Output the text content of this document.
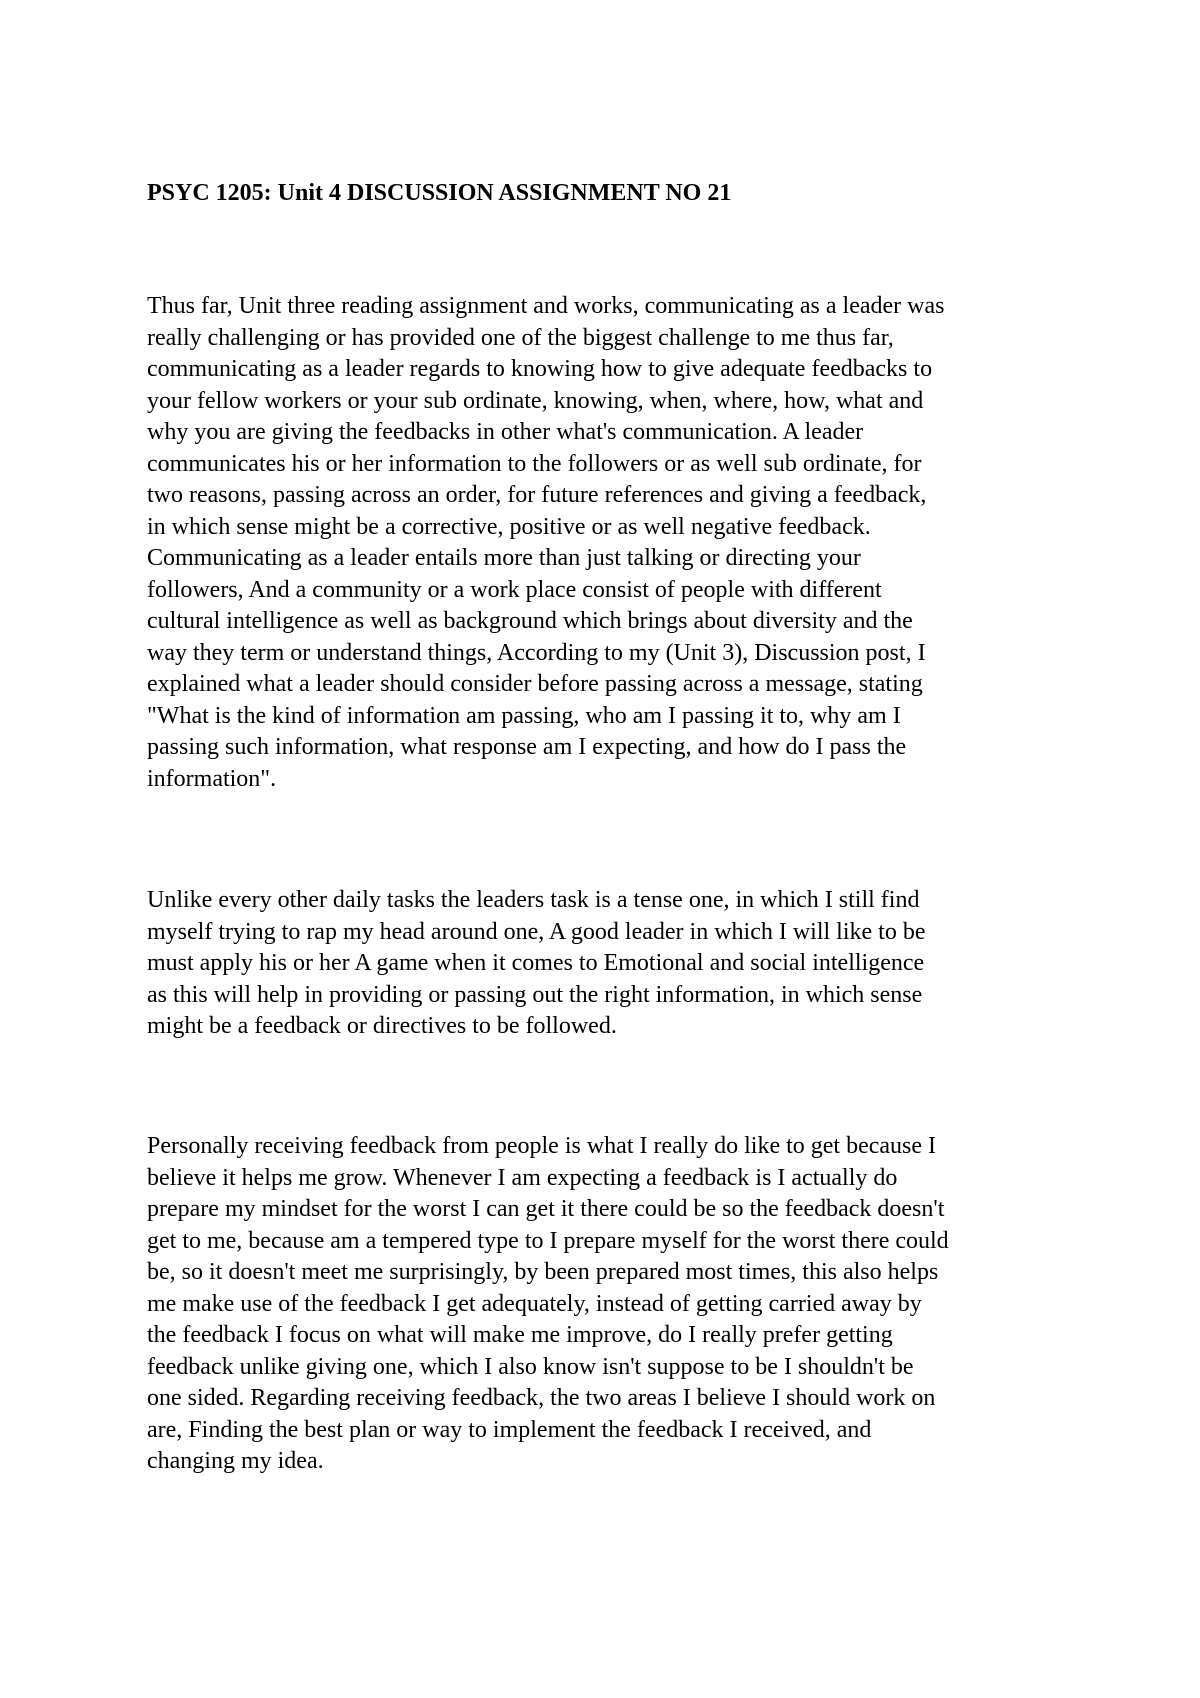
PSYC 1205: Unit 4 DISCUSSION ASSIGNMENT NO 21

Thus far, Unit three reading assignment and works, communicating as a leader was
really challenging or has provided one of the biggest challenge to me thus far,
communicating as a leader regards to knowing how to give adequate feedbacks to
your fellow workers or your sub ordinate, knowing, when, where, how, what and
why you are giving the feedbacks in other what's communication. A leader
communicates his or her information to the followers or as well sub ordinate, for
two reasons, passing across an order, for future references and giving a feedback,
in which sense might be a corrective, positive or as well negative feedback.
Communicating as a leader entails more than just talking or directing your
followers, And a community or a work place consist of people with different
cultural intelligence as well as background which brings about diversity and the
way they term or understand things, According to my (Unit 3), Discussion post, I
explained what a leader should consider before passing across a message, stating
"What is the kind of information am passing, who am I passing it to, why am I
passing such information, what response am I expecting, and how do I pass the
information".

Unlike every other daily tasks the leaders task is a tense one, in which I still find
myself trying to rap my head around one, A good leader in which I will like to be
must apply his or her A game when it comes to Emotional and social intelligence
as this will help in providing or passing out the right information, in which sense
might be a feedback or directives to be followed.

Personally receiving feedback from people is what I really do like to get because I
believe it helps me grow. Whenever I am expecting a feedback is I actually do
prepare my mindset for the worst I can get it there could be so the feedback doesn't
get to me, because am a tempered type to I prepare myself for the worst there could
be, so it doesn't meet me surprisingly, by been prepared most times, this also helps
me make use of the feedback I get adequately, instead of getting carried away by
the feedback I focus on what will make me improve, do I really prefer getting
feedback unlike giving one, which I also know isn't suppose to be I shouldn't be
one sided. Regarding receiving feedback, the two areas I believe I should work on
are, Finding the best plan or way to implement the feedback I received, and
changing my idea.
